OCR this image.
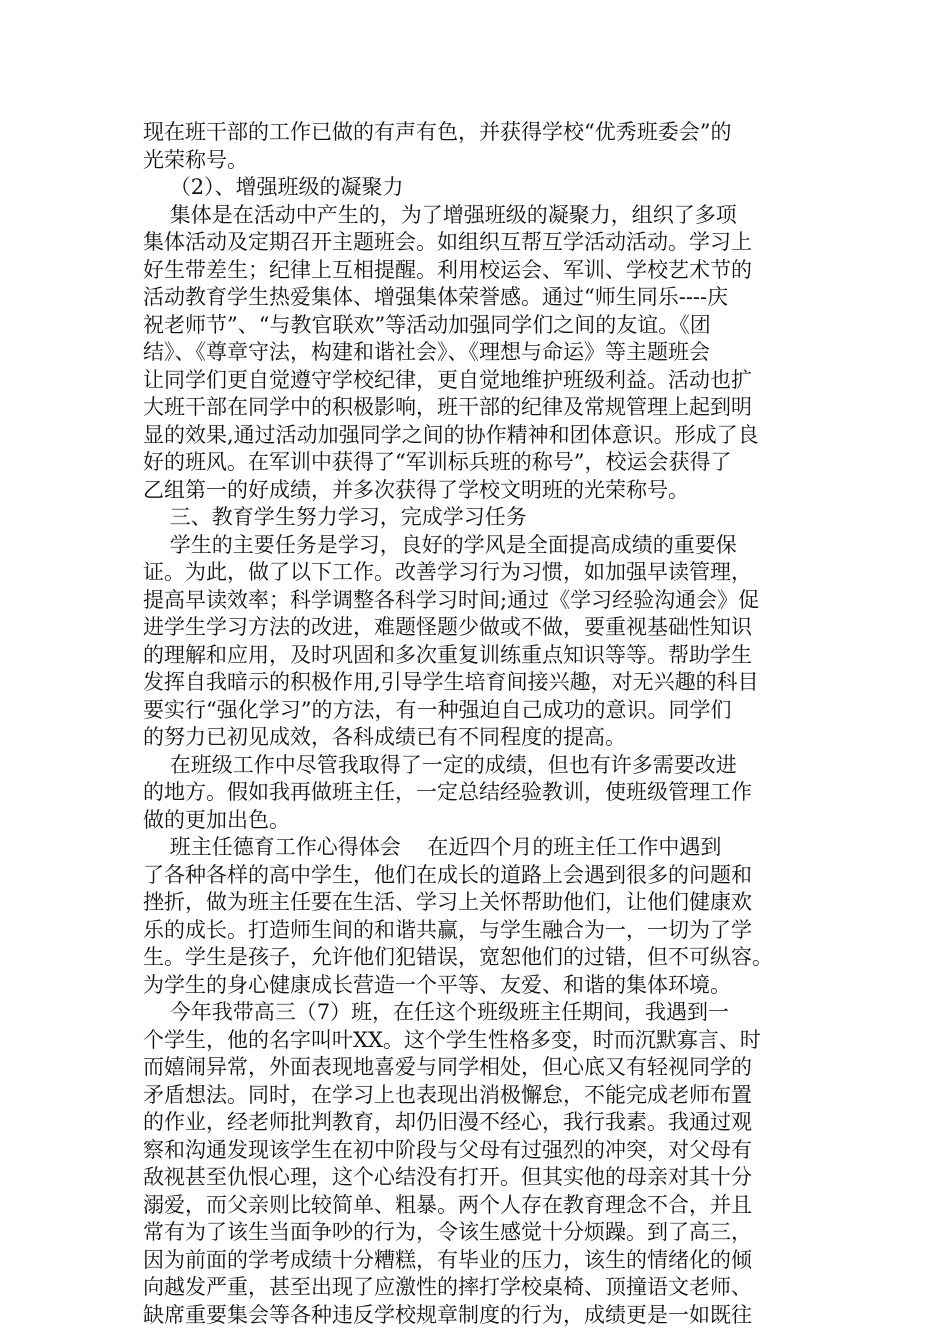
现在班干部的工作已做的有声有色，并获得学校“优秀班委会”的
光荣称号。
（2）、增强班级的凝聚力
集体是在活动中产生的，为了增强班级的凝聚力，组织了多项
集体活动及定期召开主题班会。如组织互帮互学活动活动。学习上
好生带差生；纪律上互相提醒。利用校运会、军训、学校艺术节的
活动教育学生热爱集体、增强集体荣誉感。通过“师生同乐----庆
祝老师节”、“与教官联欢”等活动加强同学们之间的友谊。《团
结》、《尊章守法，构建和谐社会》、《理想与命运》等主题班会
让同学们更自觉遵守学校纪律，更自觉地维护班级利益。活动也扩
大班干部在同学中的积极影响，班干部的纪律及常规管理上起到明
显的效果,通过活动加强同学之间的协作精神和团体意识。形成了良
好的班风。在军训中获得了“军训标兵班的称号”，校运会获得了
乙组第一的好成绩，并多次获得了学校文明班的光荣称号。
三、教育学生努力学习，完成学习任务
学生的主要任务是学习，良好的学风是全面提高成绩的重要保
证。为此，做了以下工作。改善学习行为习惯，如加强早读管理，
提高早读效率；科学调整各科学习时间;通过《学习经验沟通会》促
进学生学习方法的改进，难题怪题少做或不做，要重视基础性知识
的理解和应用，及时巩固和多次重复训练重点知识等等。帮助学生
发挥自我暗示的积极作用,引导学生培育间接兴趣，对无兴趣的科目
要实行“强化学习”的方法，有一种强迫自己成功的意识。同学们
的努力已初见成效，各科成绩已有不同程度的提高。
在班级工作中尽管我取得了一定的成绩，但也有许多需要改进
的地方。假如我再做班主任，一定总结经验教训，使班级管理工作
做的更加出色。
班主任德育工作心得体会    在近四个月的班主任工作中遇到
了各种各样的高中学生，他们在成长的道路上会遇到很多的问题和
挫折，做为班主任要在生活、学习上关怀帮助他们，让他们健康欢
乐的成长。打造师生间的和谐共赢，与学生融合为一，一切为了学
生。学生是孩子，允许他们犯错误，宽恕他们的过错，但不可纵容。
为学生的身心健康成长营造一个平等、友爱、和谐的集体环境。
今年我带高三（7）班，在任这个班级班主任期间，我遇到一
个学生，他的名字叫叶XX。这个学生性格多变，时而沉默寡言、时
而嬉闹异常，外面表现地喜爱与同学相处，但心底又有轻视同学的
矛盾想法。同时，在学习上也表现出消极懈怠，不能完成老师布置
的作业，经老师批判教育，却仍旧漫不经心，我行我素。我通过观
察和沟通发现该学生在初中阶段与父母有过强烈的冲突，对父母有
敌视甚至仇恨心理，这个心结没有打开。但其实他的母亲对其十分
溺爱，而父亲则比较简单、粗暴。两个人存在教育理念不合，并且
常有为了该生当面争吵的行为，令该生感觉十分烦躁。到了高三，
因为前面的学考成绩十分糟糕，有毕业的压力，该生的情绪化的倾
向越发严重，甚至出现了应激性的摔打学校桌椅、顶撞语文老师、
缺席重要集会等各种违反学校规章制度的行为，成绩更是一如既往
